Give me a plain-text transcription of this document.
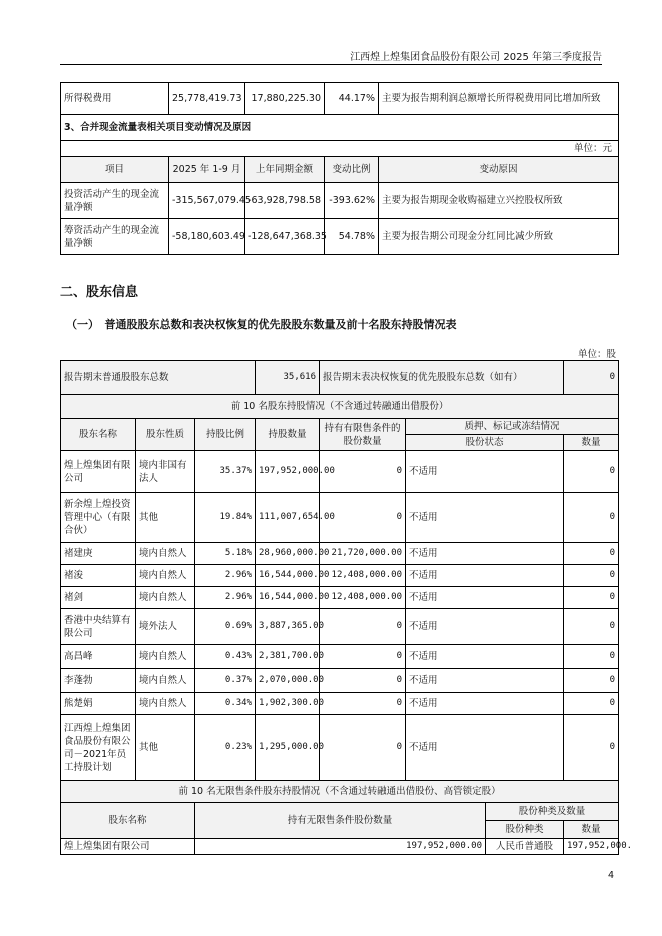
江西煌上煌集团食品股份有限公司 2025 年第三季度报告
所得税费用	25,778,419.73	17,880,225.30	44.17%	主要为报告期利润总额增长所得税费用同比增加所致
3、合并现金流量表相关项目变动情况及原因				
单位：元				
项目	2025 年 1-9 月	上年同期金额	变动比例	变动原因
投资活动产生的现金流量净额	-315,567,079.45	-63,928,798.58	-393.62%	主要为报告期现金收购福建立兴控股权所致
筹资活动产生的现金流量净额	-58,180,603.49	-128,647,368.35	54.78%	主要为报告期公司现金分红同比减少所致
二、股东信息
（一）　普通股股东总数和表决权恢复的优先股股东数量及前十名股东持股情况表
单位：股
报告期末普通股股东总数			35,616	报告期末表决权恢复的优先股股东总数（如有）			0
前 10 名股东持股情况（不含通过转融通出借股份）							
股东名称	股东性质	持股比例	持股数量	持有有限售条件的股份数量	质押、标记或冻结情况		
					股份状态		数量
煌上煌集团有限公司	境内非国有法人	35.37%	197,952,000.00	0	不适用		0
新余煌上煌投资管理中心（有限合伙）	其他	19.84%	111,007,654.00	0	不适用		0
褚建庚	境内自然人	5.18%	28,960,000.00	21,720,000.00	不适用		0
褚浚	境内自然人	2.96%	16,544,000.00	12,408,000.00	不适用		0
褚剑	境内自然人	2.96%	16,544,000.00	12,408,000.00	不适用		0
香港中央结算有限公司	境外法人	0.69%	3,887,365.00	0	不适用		0
高昌峰	境内自然人	0.43%	2,381,700.00	0	不适用		0
李蓬勃	境内自然人	0.37%	2,070,000.00	0	不适用		0
熊楚娟	境内自然人	0.34%	1,902,300.00	0	不适用		0
江西煌上煌集团食品股份有限公司－2021年员工持股计划	其他	0.23%	1,295,000.00	0	不适用		0
前 10 名无限售条件股东持股情况（不含通过转融通出借股份、高管锁定股）							
股东名称		持有无限售条件股份数量				股份种类及数量	
						股份种类	数量
煌上煌集团有限公司		197,952,000.00				人民币普通股	197,952,000.
4
